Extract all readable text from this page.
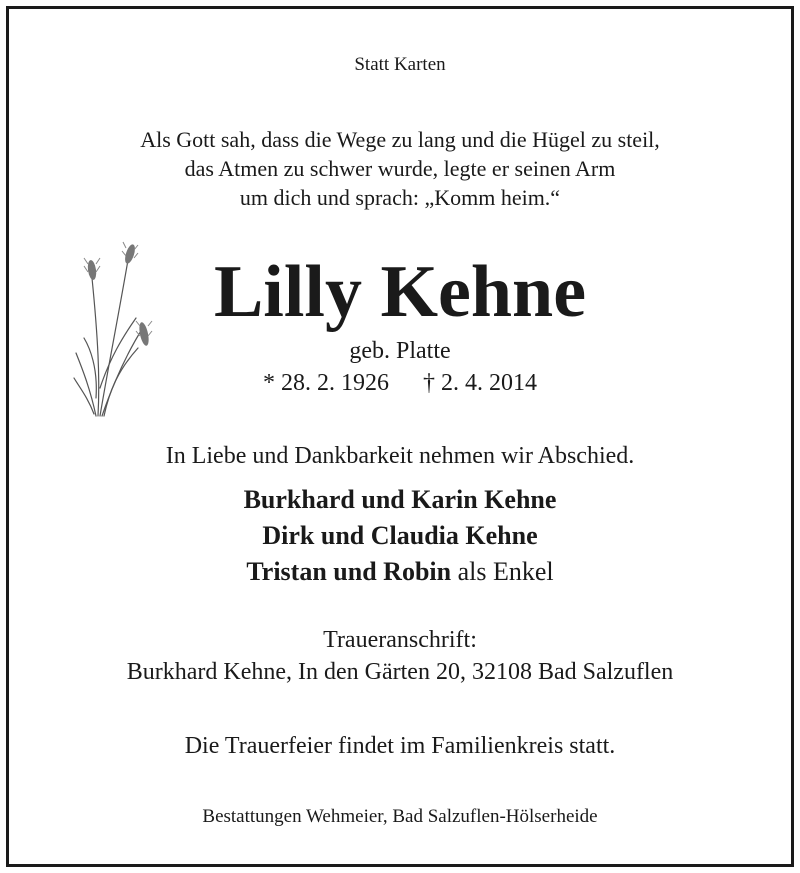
Statt Karten
Als Gott sah, dass die Wege zu lang und die Hügel zu steil,
das Atmen zu schwer wurde, legte er seinen Arm
um dich und sprach: „Komm heim.“
Lilly Kehne
geb. Platte
* 28. 2. 1926 † 2. 4. 2014
In Liebe und Dankbarkeit nehmen wir Abschied.
Burkhard und Karin Kehne
Dirk und Claudia Kehne
Tristan und Robin als Enkel
Traueranschrift:
Burkhard Kehne, In den Gärten 20, 32108 Bad Salzuflen
Die Trauerfeier findet im Familienkreis statt.
Bestattungen Wehmeier, Bad Salzuflen-Hölserheide
